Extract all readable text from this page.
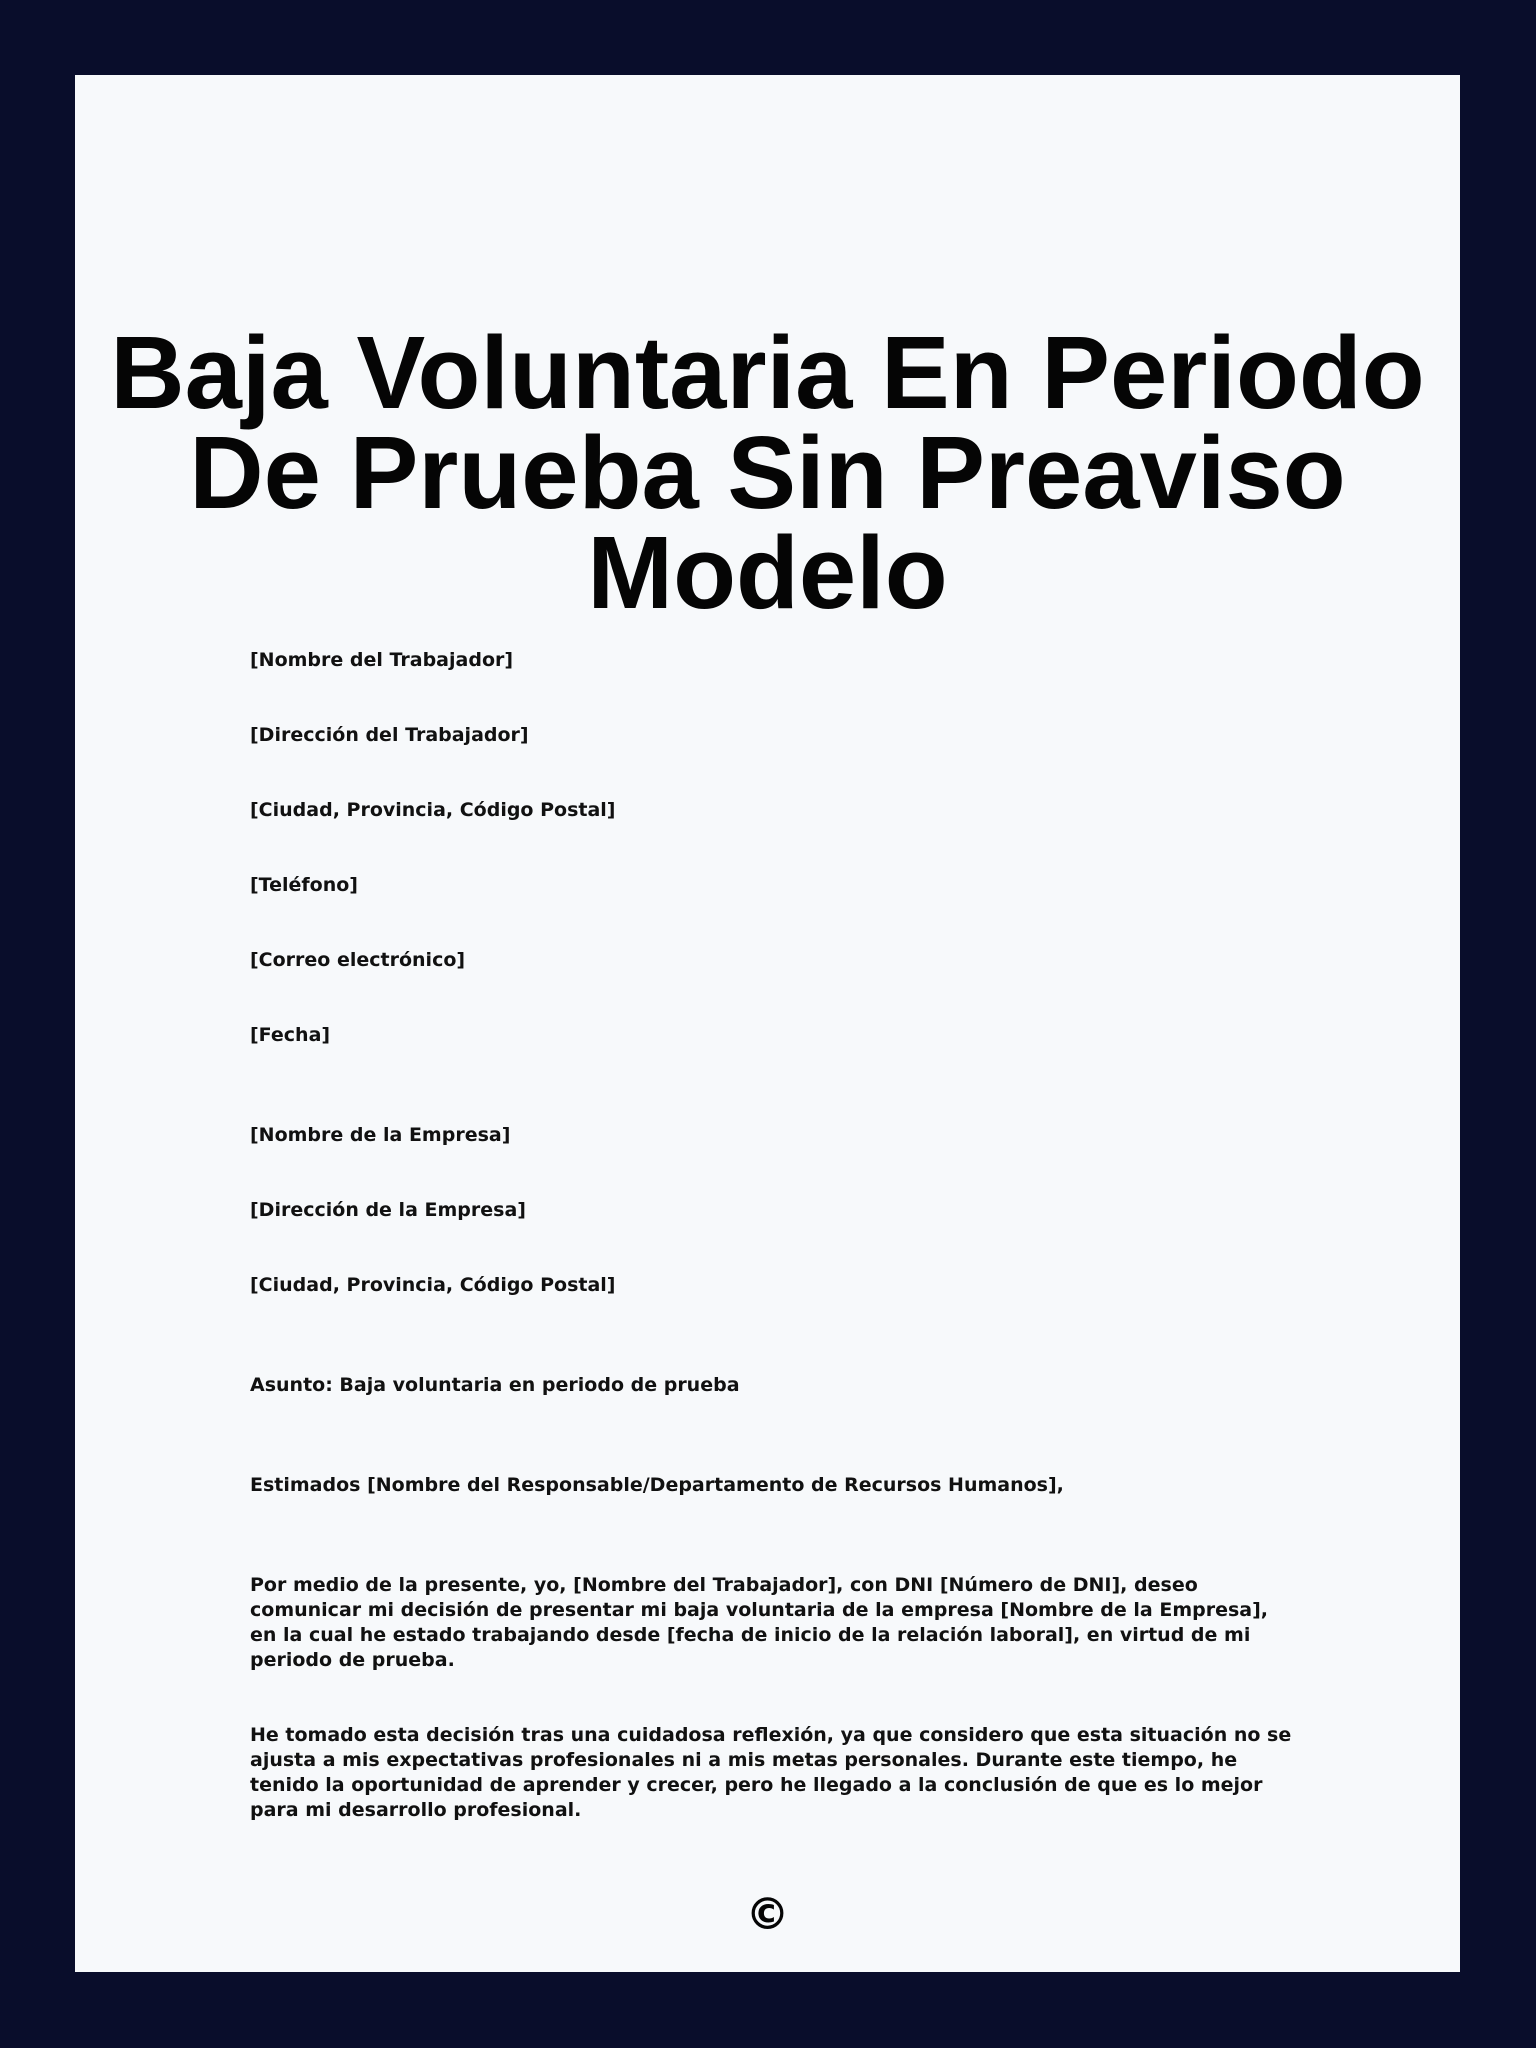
Baja Voluntaria En Periodo
De Prueba Sin Preaviso
Modelo

[Nombre del Trabajador]

[Dirección del Trabajador]

[Ciudad, Provincia, Código Postal]

[Teléfono]

[Correo electrónico]

[Fecha]

[Nombre de la Empresa]

[Dirección de la Empresa]

[Ciudad, Provincia, Código Postal]

Asunto: Baja voluntaria en periodo de prueba

Estimados [Nombre del Responsable/Departamento de Recursos Humanos],

Por medio de la presente, yo, [Nombre del Trabajador], con DNI [Número de DNI], deseo comunicar mi decisión de presentar mi baja voluntaria de la empresa [Nombre de la Empresa], en la cual he estado trabajando desde [fecha de inicio de la relación laboral], en virtud de mi periodo de prueba.

He tomado esta decisión tras una cuidadosa reflexión, ya que considero que esta situación no se ajusta a mis expectativas profesionales ni a mis metas personales. Durante este tiempo, he tenido la oportunidad de aprender y crecer, pero he llegado a la conclusión de que es lo mejor para mi desarrollo profesional.

©
